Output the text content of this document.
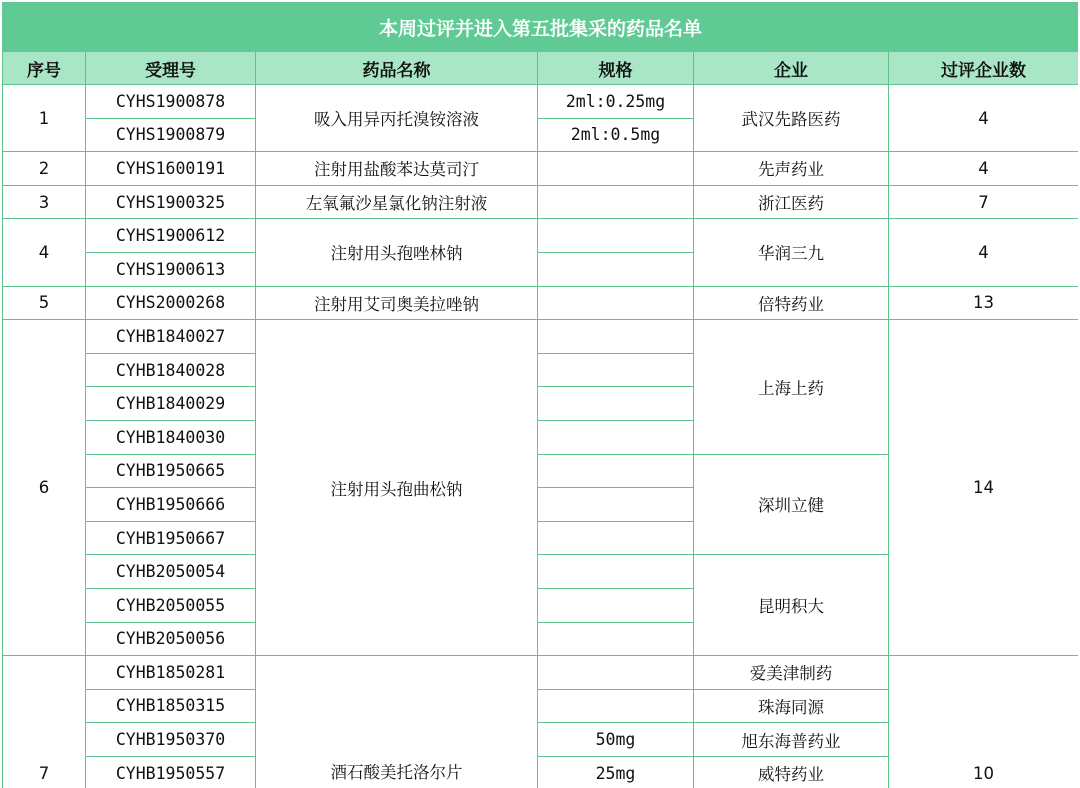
本周过评并进入第五批集采的药品名单					
序号	受理号	药品名称	规格	企业	过评企业数
1	CYHS1900878	吸入用异丙托溴铵溶液	2ml:0.25mg	武汉先路医药	4
	CYHS1900879		2ml:0.5mg		
2	CYHS1600191	注射用盐酸苯达莫司汀		先声药业	4
3	CYHS1900325	左氧氟沙星氯化钠注射液		浙江医药	7
4	CYHS1900612	注射用头孢唑林钠		华润三九	4
	CYHS1900613				
5	CYHS2000268	注射用艾司奥美拉唑钠		倍特药业	13
6	CYHB1840027	注射用头孢曲松钠		上海上药	14
	CYHB1840028				
	CYHB1840029				
	CYHB1840030				
	CYHB1950665			深圳立健	
	CYHB1950666				
	CYHB1950667				
	CYHB2050054			昆明积大	
	CYHB2050055				
	CYHB2050056				
7	CYHB1850281	酒石酸美托洛尔片		爱美津制药	10
	CYHB1850315			珠海同源	
	CYHB1950370		50mg	旭东海普药业	
	CYHB1950557		25mg	威特药业	
